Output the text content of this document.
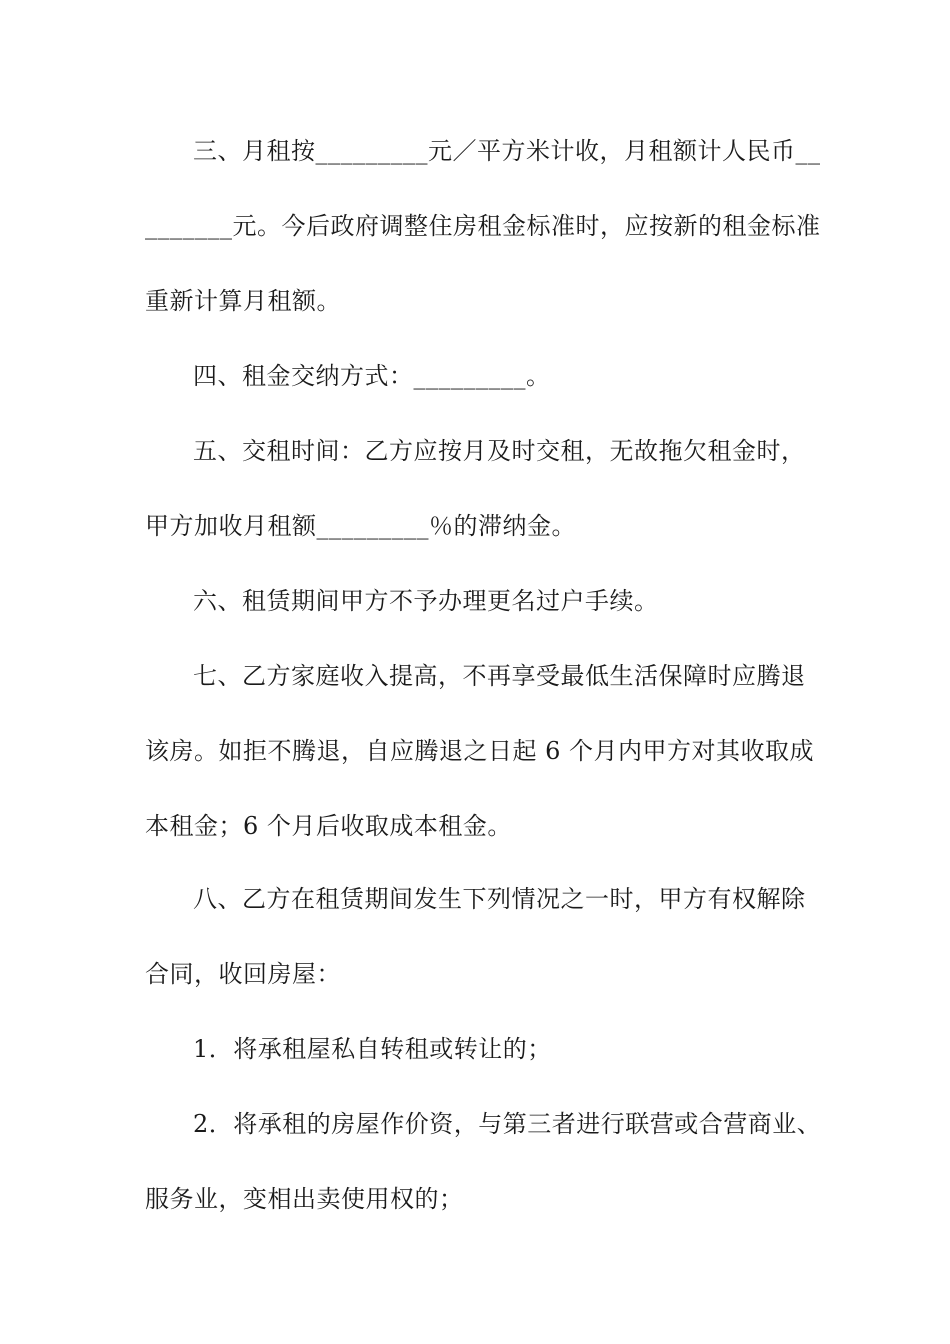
三、月租按_________元／平方米计收，月租额计人民币__
_______元。今后政府调整住房租金标准时，应按新的租金标准
重新计算月租额。
四、租金交纳方式：_________。
五、交租时间：乙方应按月及时交租，无故拖欠租金时，
甲方加收月租额_________％的滞纳金。
六、租赁期间甲方不予办理更名过户手续。
七、乙方家庭收入提高，不再享受最低生活保障时应腾退
该房。如拒不腾退，自应腾退之日起 6 个月内甲方对其收取成
本租金；6 个月后收取成本租金。
八、乙方在租赁期间发生下列情况之一时，甲方有权解除
合同，收回房屋：
1．将承租屋私自转租或转让的；
2．将承租的房屋作价资，与第三者进行联营或合营商业、
服务业，变相出卖使用权的；
